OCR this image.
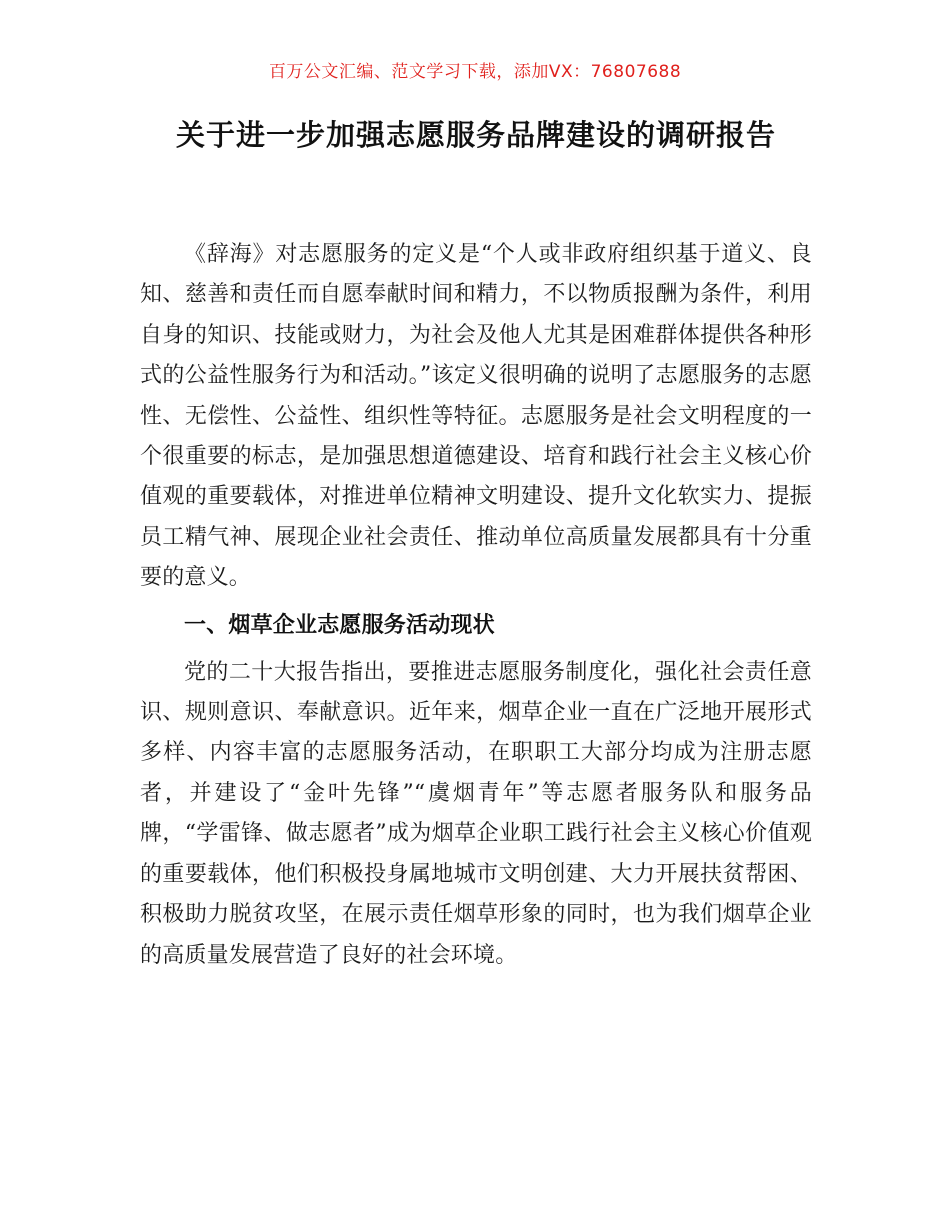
百万公文汇编、范文学习下载，添加VX：76807688
关于进一步加强志愿服务品牌建设的调研报告

《辞海》对志愿服务的定义是“个人或非政府组织基于道义、良知、慈善和责任而自愿奉献时间和精力，不以物质报酬为条件，利用自身的知识、技能或财力，为社会及他人尤其是困难群体提供各种形式的公益性服务行为和活动。”该定义很明确的说明了志愿服务的志愿性、无偿性、公益性、组织性等特征。志愿服务是社会文明程度的一个很重要的标志，是加强思想道德建设、培育和践行社会主义核心价值观的重要载体，对推进单位精神文明建设、提升文化软实力、提振员工精气神、展现企业社会责任、推动单位高质量发展都具有十分重要的意义。

一、烟草企业志愿服务活动现状

党的二十大报告指出，要推进志愿服务制度化，强化社会责任意识、规则意识、奉献意识。近年来，烟草企业一直在广泛地开展形式多样、内容丰富的志愿服务活动，在职职工大部分均成为注册志愿者，并建设了“金叶先锋”“虞烟青年”等志愿者服务队和服务品牌，“学雷锋、做志愿者”成为烟草企业职工践行社会主义核心价值观的重要载体，他们积极投身属地城市文明创建、大力开展扶贫帮困、积极助力脱贫攻坚，在展示责任烟草形象的同时，也为我们烟草企业的高质量发展营造了良好的社会环境。
